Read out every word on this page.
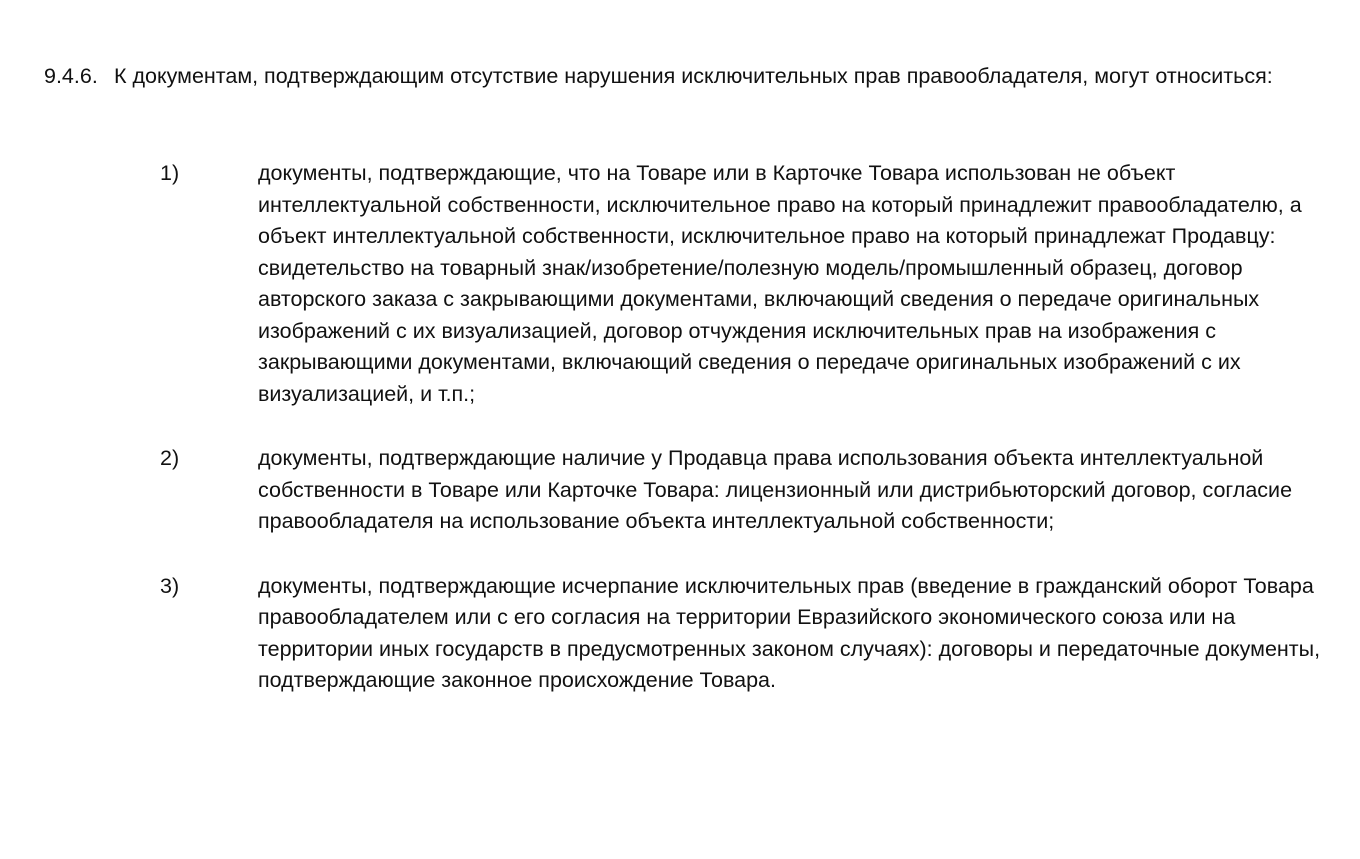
9.4.6. К документам, подтверждающим отсутствие нарушения исключительных прав правообладателя, могут относиться:
1)	документы, подтверждающие, что на Товаре или в Карточке Товара использован не объект интеллектуальной собственности, исключительное право на который принадлежит правообладателю, а объект интеллектуальной собственности, исключительное право на который принадлежат Продавцу: свидетельство на товарный знак/изобретение/полезную модель/промышленный образец, договор авторского заказа с закрывающими документами, включающий сведения о передаче оригинальных изображений с их визуализацией, договор отчуждения исключительных прав на изображения с закрывающими документами, включающий сведения о передаче оригинальных изображений с их визуализацией, и т.п.;
2)	документы, подтверждающие наличие у Продавца права использования объекта интеллектуальной собственности в Товаре или Карточке Товара: лицензионный или дистрибьюторский договор, согласие правообладателя на использование объекта интеллектуальной собственности;
3)	документы, подтверждающие исчерпание исключительных прав (введение в гражданский оборот Товара правообладателем или с его согласия на территории Евразийского экономического союза или на территории иных государств в предусмотренных законом случаях): договоры и передаточные документы, подтверждающие законное происхождение Товара.
